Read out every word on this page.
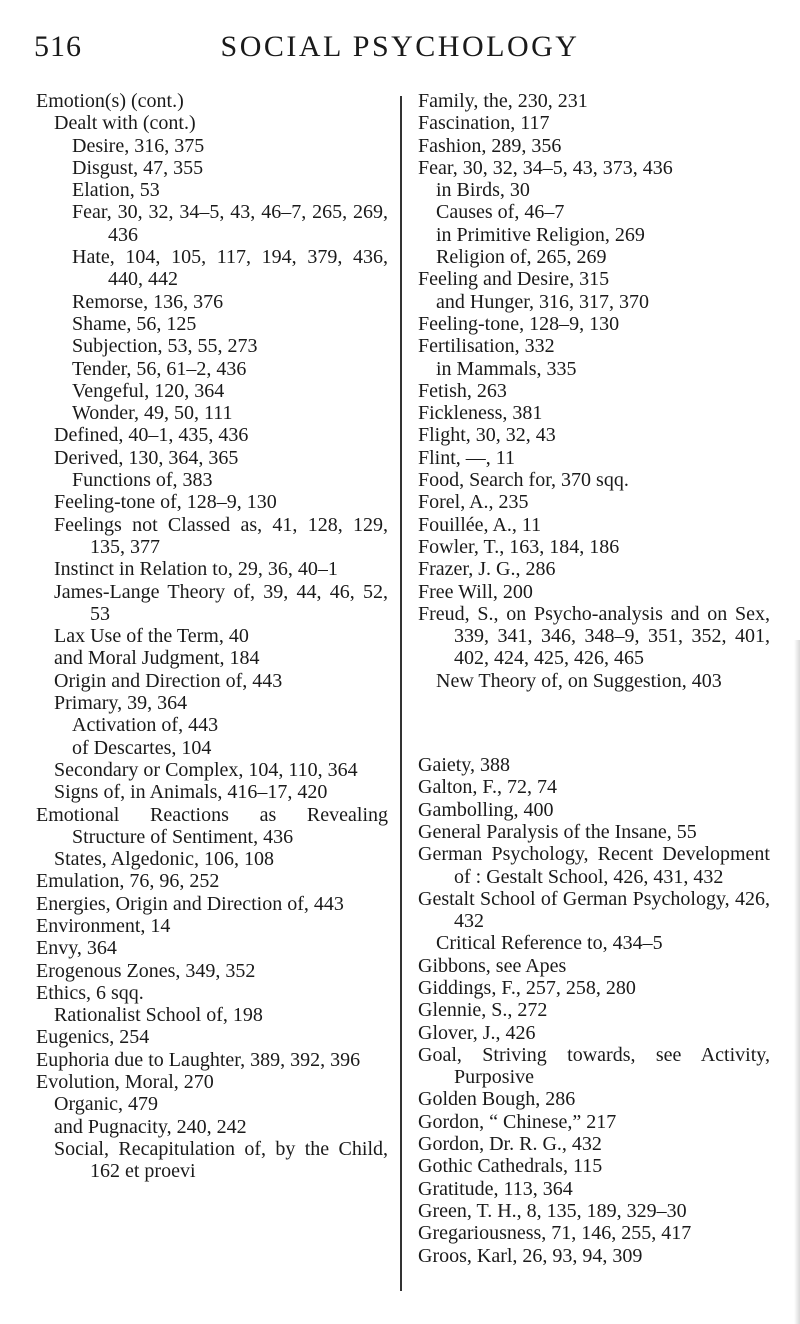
516	SOCIAL PSYCHOLOGY

Emotion(s) (cont.)

Dealt with (cont.)

Desire, 316, 375

Disgust, 47, 355

Elation, 53

Fear, 30, 32, 34–5, 43, 46–7, 265, 269, 436

Hate, 104, 105, 117, 194, 379, 436, 440, 442

Remorse, 136, 376

Shame, 56, 125

Subjection, 53, 55, 273

Tender, 56, 61–2, 436

Vengeful, 120, 364

Wonder, 49, 50, 111

Defined, 40–1, 435, 436

Derived, 130, 364, 365

Functions of, 383

Feeling-tone of, 128–9, 130

Feelings not Classed as, 41, 128, 129, 135, 377

Instinct in Relation to, 29, 36, 40–1

James-Lange Theory of, 39, 44, 46, 52, 53

Lax Use of the Term, 40

and Moral Judgment, 184

Origin and Direction of, 443

Primary, 39, 364

Activation of, 443

of Descartes, 104

Secondary or Complex, 104, 110, 364

Signs of, in Animals, 416–17, 420

Emotional Reactions as Revealing Structure of Sentiment, 436

States, Algedonic, 106, 108

Emulation, 76, 96, 252

Energies, Origin and Direction of, 443

Environment, 14

Envy, 364

Erogenous Zones, 349, 352

Ethics, 6 sqq.

Rationalist School of, 198

Eugenics, 254

Euphoria due to Laughter, 389, 392, 396

Evolution, Moral, 270

Organic, 479

and Pugnacity, 240, 242

Social, Recapitulation of, by the Child, 162 et proevi

Family, the, 230, 231

Fascination, 117

Fashion, 289, 356

Fear, 30, 32, 34–5, 43, 373, 436

in Birds, 30

Causes of, 46–7

in Primitive Religion, 269

Religion of, 265, 269

Feeling and Desire, 315

and Hunger, 316, 317, 370

Feeling-tone, 128–9, 130

Fertilisation, 332

in Mammals, 335

Fetish, 263

Fickleness, 381

Flight, 30, 32, 43

Flint, —, 11

Food, Search for, 370 sqq.

Forel, A., 235

Fouillée, A., 11

Fowler, T., 163, 184, 186

Frazer, J. G., 286

Free Will, 200

Freud, S., on Psycho-analysis and on Sex, 339, 341, 346, 348–9, 351, 352, 401, 402, 424, 425, 426, 465

New Theory of, on Suggestion, 403

Gaiety, 388

Galton, F., 72, 74

Gambolling, 400

General Paralysis of the Insane, 55

German Psychology, Recent Development of : Gestalt School, 426, 431, 432

Gestalt School of German Psychology, 426, 432

Critical Reference to, 434–5

Gibbons, see Apes

Giddings, F., 257, 258, 280

Glennie, S., 272

Glover, J., 426

Goal, Striving towards, see Activity, Purposive

Golden Bough, 286

Gordon, “ Chinese,” 217

Gordon, Dr. R. G., 432

Gothic Cathedrals, 115

Gratitude, 113, 364

Green, T. H., 8, 135, 189, 329–30

Gregariousness, 71, 146, 255, 417

Groos, Karl, 26, 93, 94, 309
